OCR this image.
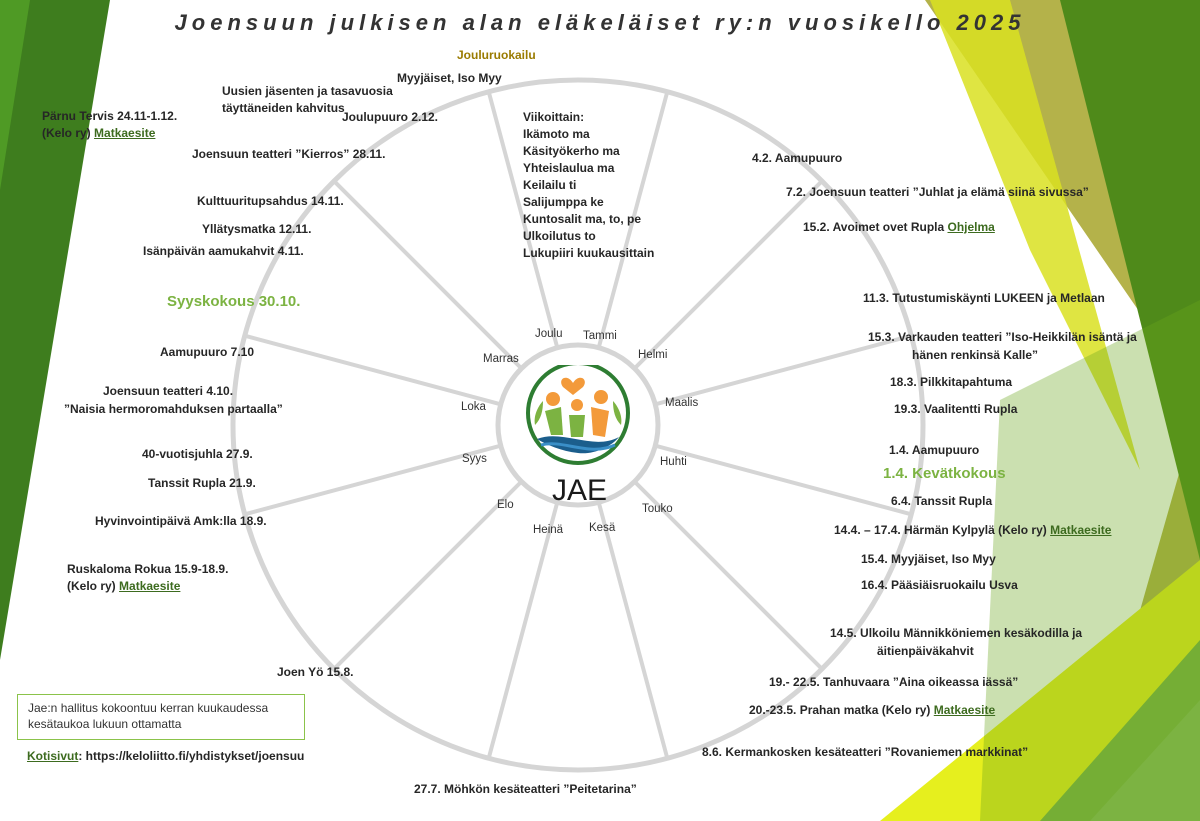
Joensuun julkisen alan eläkeläiset ry:n vuosikello 2025
JAE
Tammi
Helmi
Maalis
Huhti
Touko
Kesä
Heinä
Elo
Syys
Loka
Marras
Joulu
Viikoittain:
Ikämoto ma
Käsityökerho ma
Yhteislaulua ma
Keilailu ti
Salijumppa ke
Kuntosalit ma, to, pe
Ulkoilutus to
Lukupiiri kuukausittain
4.2. Aamupuuro
7.2. Joensuun teatteri ”Juhlat ja elämä siinä sivussa”
15.2. Avoimet ovet Rupla Ohjelma
11.3. Tutustumiskäynti LUKEEN ja Metlaan
15.3. Varkauden teatteri ”Iso-Heikkilän isäntä ja
hänen renkinsä Kalle”
18.3. Pilkkitapahtuma
19.3. Vaalitentti Rupla
1.4. Aamupuuro
1.4. Kevätkokous
6.4. Tanssit Rupla
14.4. – 17.4. Härmän Kylpylä (Kelo ry) Matkaesite
15.4. Myyjäiset, Iso Myy
16.4. Pääsiäisruokailu Usva
14.5. Ulkoilu Männikköniemen kesäkodilla ja
äitienpäiväkahvit
19.- 22.5. Tanhuvaara ”Aina oikeassa iässä”
20.-23.5. Prahan matka (Kelo ry) Matkaesite
8.6. Kermankosken kesäteatteri ”Rovaniemen markkinat”
27.7. Möhkön kesäteatteri ”Peitetarina”
Jouluruokailu
Myyjäiset, Iso Myy
Uusien jäsenten ja tasavuosia
täyttäneiden kahvitus
Joulupuuro 2.12.
Pärnu Tervis 24.11-1.12.
(Kelo ry) Matkaesite
Joensuun teatteri ”Kierros” 28.11.
Kulttuuritupsahdus 14.11.
Yllätysmatka 12.11.
Isänpäivän aamukahvit 4.11.
Syyskokous 30.10.
Aamupuuro 7.10
Joensuun teatteri 4.10.
”Naisia hermoromahduksen partaalla”
40-vuotisjuhla 27.9.
Tanssit Rupla 21.9.
Hyvinvointipäivä Amk:lla 18.9.
Ruskaloma Rokua 15.9-18.9.
(Kelo ry) Matkaesite
Joen Yö 15.8.
Jae:n hallitus kokoontuu kerran kuukaudessa kesätaukoa lukuun ottamatta
Kotisivut: https://keloliitto.fi/yhdistykset/joensuu
